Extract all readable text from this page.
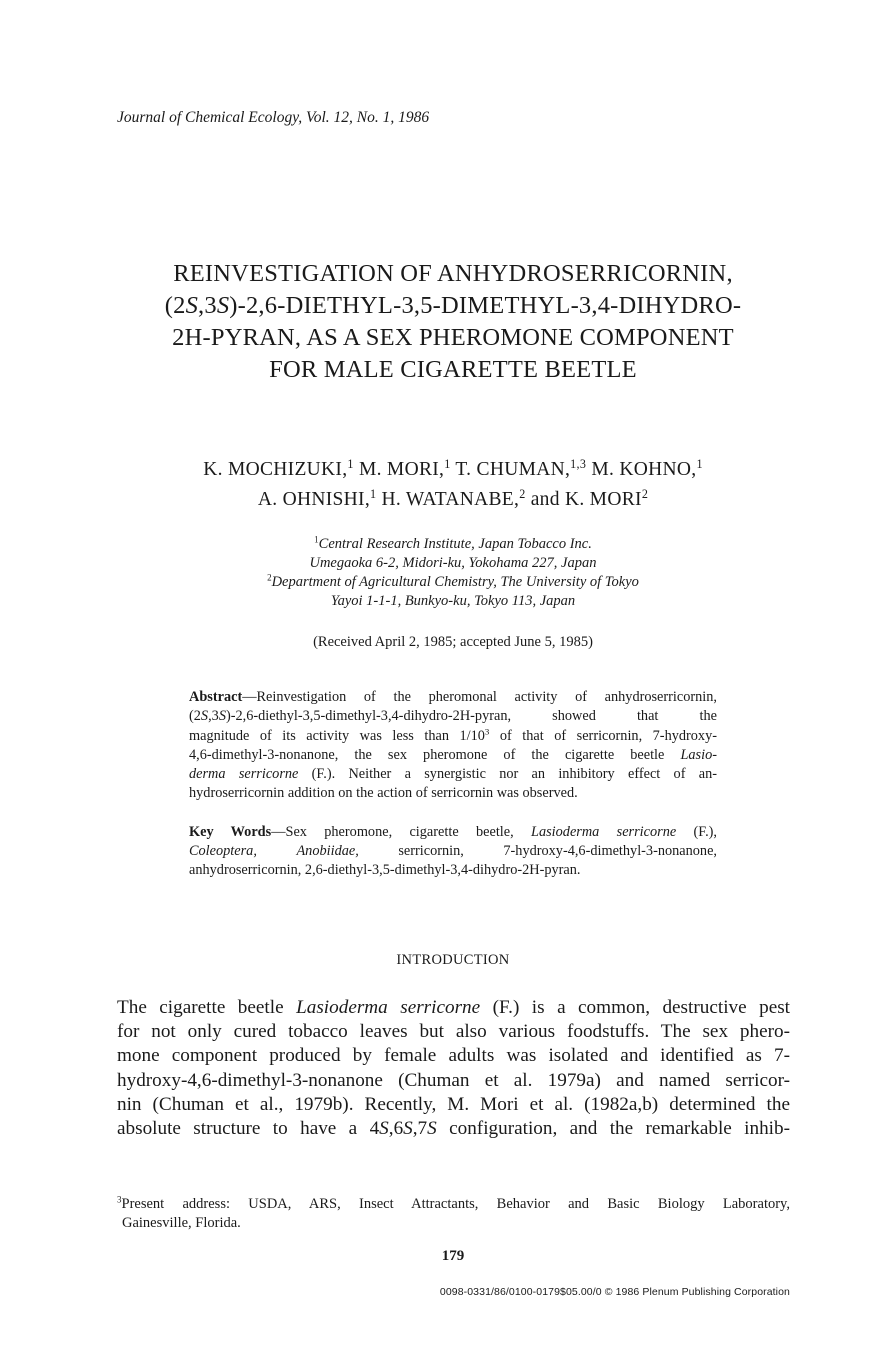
Journal of Chemical Ecology, Vol. 12, No. 1, 1986
REINVESTIGATION OF ANHYDROSERRICORNIN,
(2S,3S)-2,6-DIETHYL-3,5-DIMETHYL-3,4-DIHYDRO-
2H-PYRAN, AS A SEX PHEROMONE COMPONENT
FOR MALE CIGARETTE BEETLE
K. MOCHIZUKI,$^1$ M. MORI,$^1$ T. CHUMAN,$^{1,3}$ M. KOHNO,$^1$
A. OHNISHI,$^1$ H. WATANABE,$^2$ and K. MORI$^2$
$^1$Central Research Institute, Japan Tobacco Inc.
Umegaoka 6-2, Midori-ku, Yokohama 227, Japan
$^2$Department of Agricultural Chemistry, The University of Tokyo
Yayoi 1-1-1, Bunkyo-ku, Tokyo 113, Japan
(Received April 2, 1985; accepted June 5, 1985)
Abstract—Reinvestigation of the pheromonal activity of anhydroserricornin,
(2S,3S)-2,6-diethyl-3,5-dimethyl-3,4-dihydro-2H-pyran, showed that the
magnitude of its activity was less than $1/10^3$ of that of serricornin, 7-hydroxy-
4,6-dimethyl-3-nonanone, the sex pheromone of the cigarette beetle Lasio-
derma serricorne (F.). Neither a synergistic nor an inhibitory effect of an-
hydroserricornin addition on the action of serricornin was observed.
Key Words—Sex pheromone, cigarette beetle, Lasioderma serricorne (F.),
Coleoptera,	Anobiidae, serricornin, 7-hydroxy-4,6-dimethyl-3-nonanone,
anhydroserricornin, 2,6-diethyl-3,5-dimethyl-3,4-dihydro-2H-pyran.
INTRODUCTION
The cigarette beetle Lasioderma serricorne (F.) is a common, destructive pest
for not only cured tobacco leaves but also various foodstuffs. The sex phero-
mone component produced by female adults was isolated and identified as 7-
hydroxy-4,6-dimethyl-3-nonanone (Chuman et al. 1979a) and named serricor-
nin (Chuman et al., 1979b). Recently, M. Mori et al. (1982a,b) determined the
absolute structure to have a 4S,6S,7S configuration, and the remarkable inhib-
$^3$Present address: USDA, ARS, Insect Attractants, Behavior and Basic Biology Laboratory,
Gainesville, Florida.
179
0098-0331/86/0100-0179$05.00/0 © 1986 Plenum Publishing Corporation
